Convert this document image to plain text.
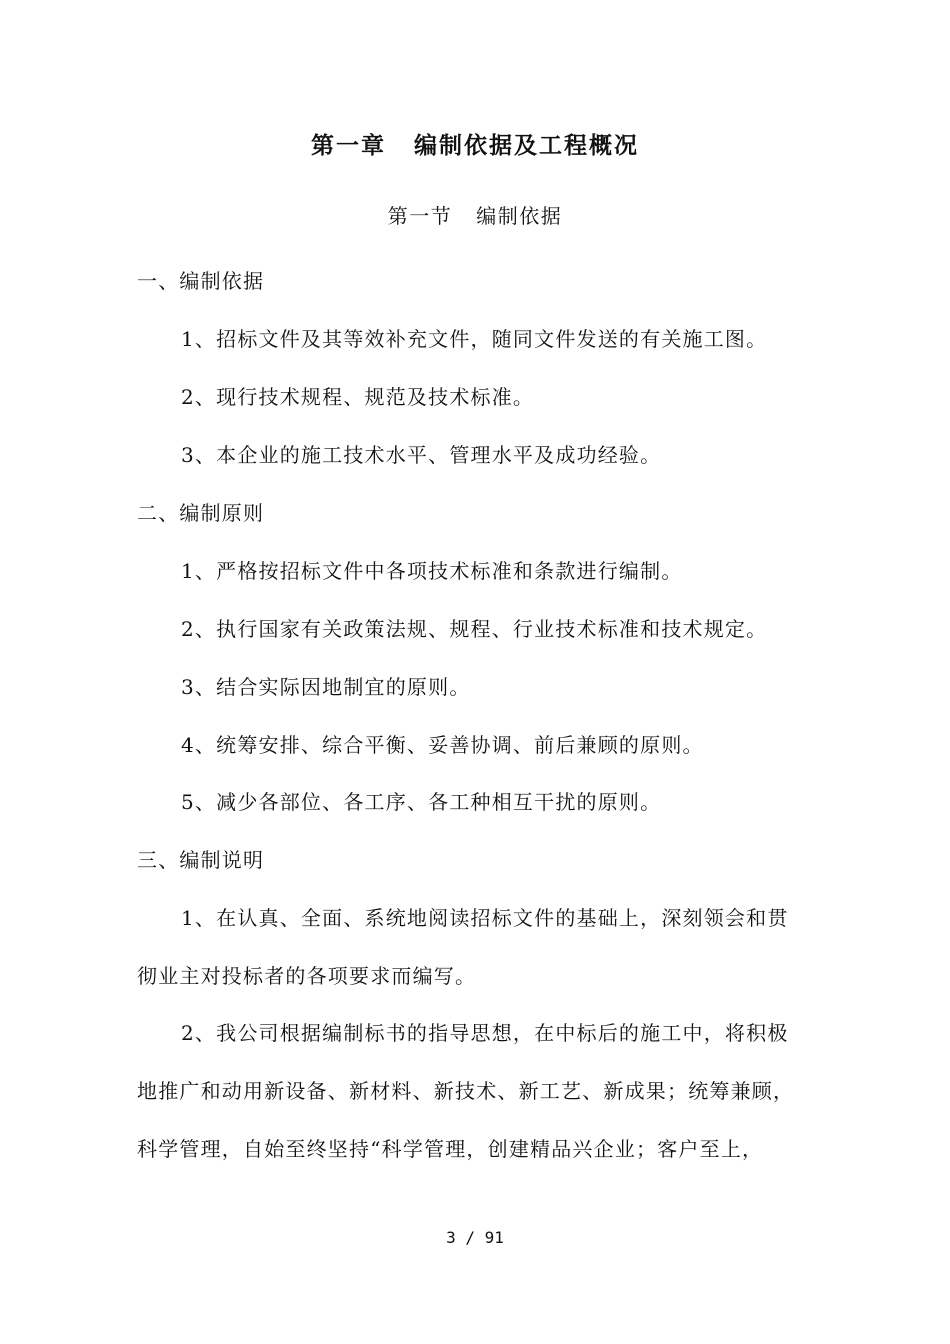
第一章 编制依据及工程概况
第一节 编制依据
一、编制依据
1、招标文件及其等效补充文件，随同文件发送的有关施工图。
2、现行技术规程、规范及技术标准。
3、本企业的施工技术水平、管理水平及成功经验。
二、编制原则
1、严格按招标文件中各项技术标准和条款进行编制。
2、执行国家有关政策法规、规程、行业技术标准和技术规定。
3、结合实际因地制宜的原则。
4、统筹安排、综合平衡、妥善协调、前后兼顾的原则。
5、减少各部位、各工序、各工种相互干扰的原则。
三、编制说明
1、在认真、全面、系统地阅读招标文件的基础上，深刻领会和贯
彻业主对投标者的各项要求而编写。
2、我公司根据编制标书的指导思想，在中标后的施工中，将积极
地推广和动用新设备、新材料、新技术、新工艺、新成果；统筹兼顾，
科学管理，自始至终坚持“科学管理，创建精品兴企业；客户至上，
3 / 91
